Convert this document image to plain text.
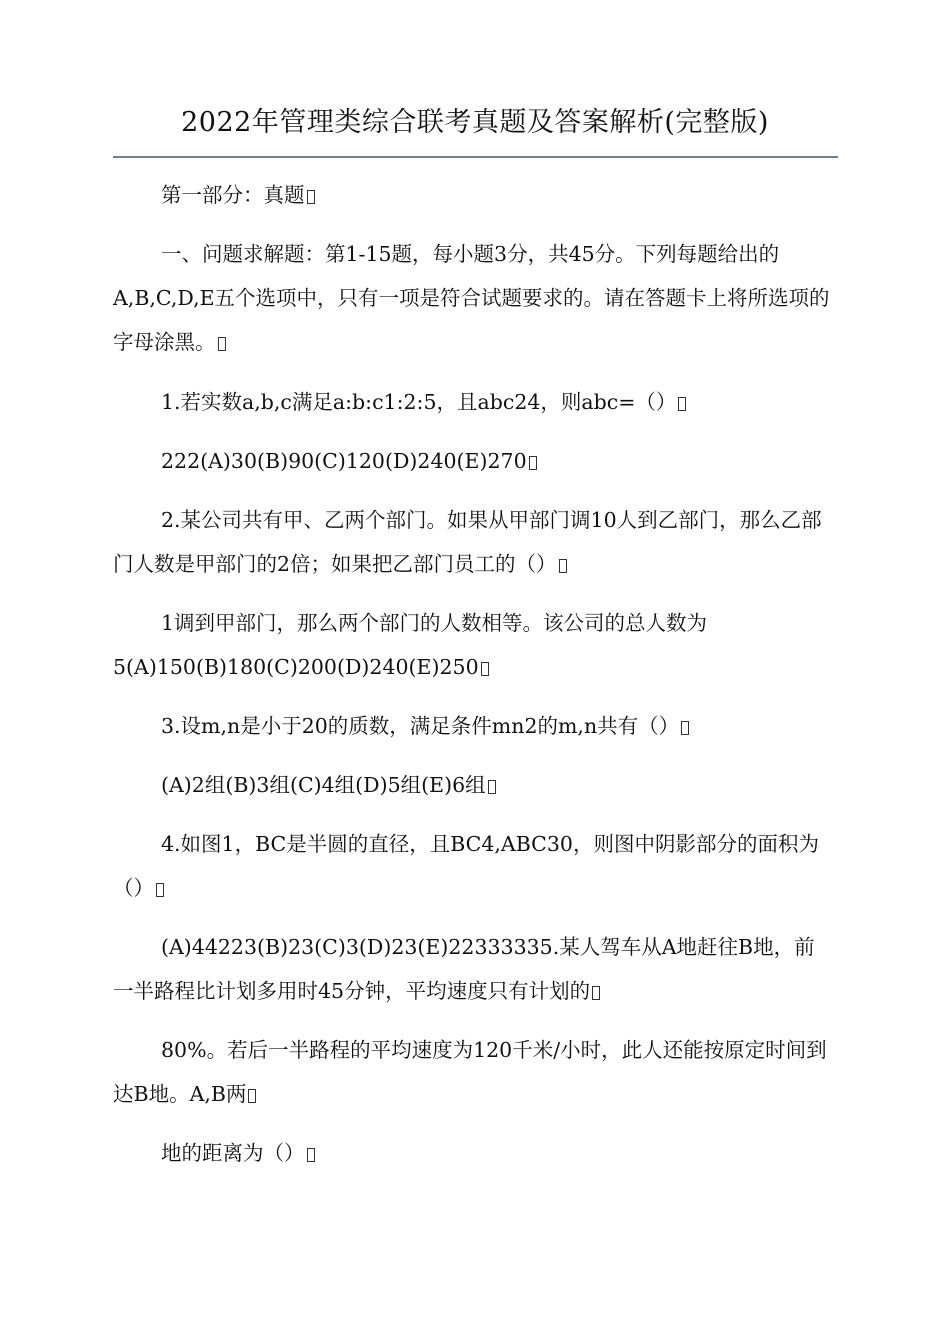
2022年管理类综合联考真题及答案解析(完整版)

第一部分：真题

一、问题求解题：第1-15题，每小题3分，共45分。下列每题给出的A,B,C,D,E五个选项中，只有一项是符合试题要求的。请在答题卡上将所选项的字母涂黑。

1.若实数a,b,c满足a:b:c1:2:5，且abc24，则abc=（）

222(A)30(B)90(C)120(D)240(E)270

2.某公司共有甲、乙两个部门。如果从甲部门调10人到乙部门，那么乙部门人数是甲部门的2倍；如果把乙部门员工的（）

1调到甲部门，那么两个部门的人数相等。该公司的总人数为

5(A)150(B)180(C)200(D)240(E)250

3.设m,n是小于20的质数，满足条件mn2的m,n共有（）

(A)2组(B)3组(C)4组(D)5组(E)6组

4.如图1，BC是半圆的直径，且BC4,ABC30，则图中阴影部分的面积为（）

(A)44223(B)23(C)3(D)23(E)22333335.某人驾车从A地赶往B地，前一半路程比计划多用时45分钟，平均速度只有计划的

80%。若后一半路程的平均速度为120千米/小时，此人还能按原定时间到达B地。A,B两

地的距离为（）
